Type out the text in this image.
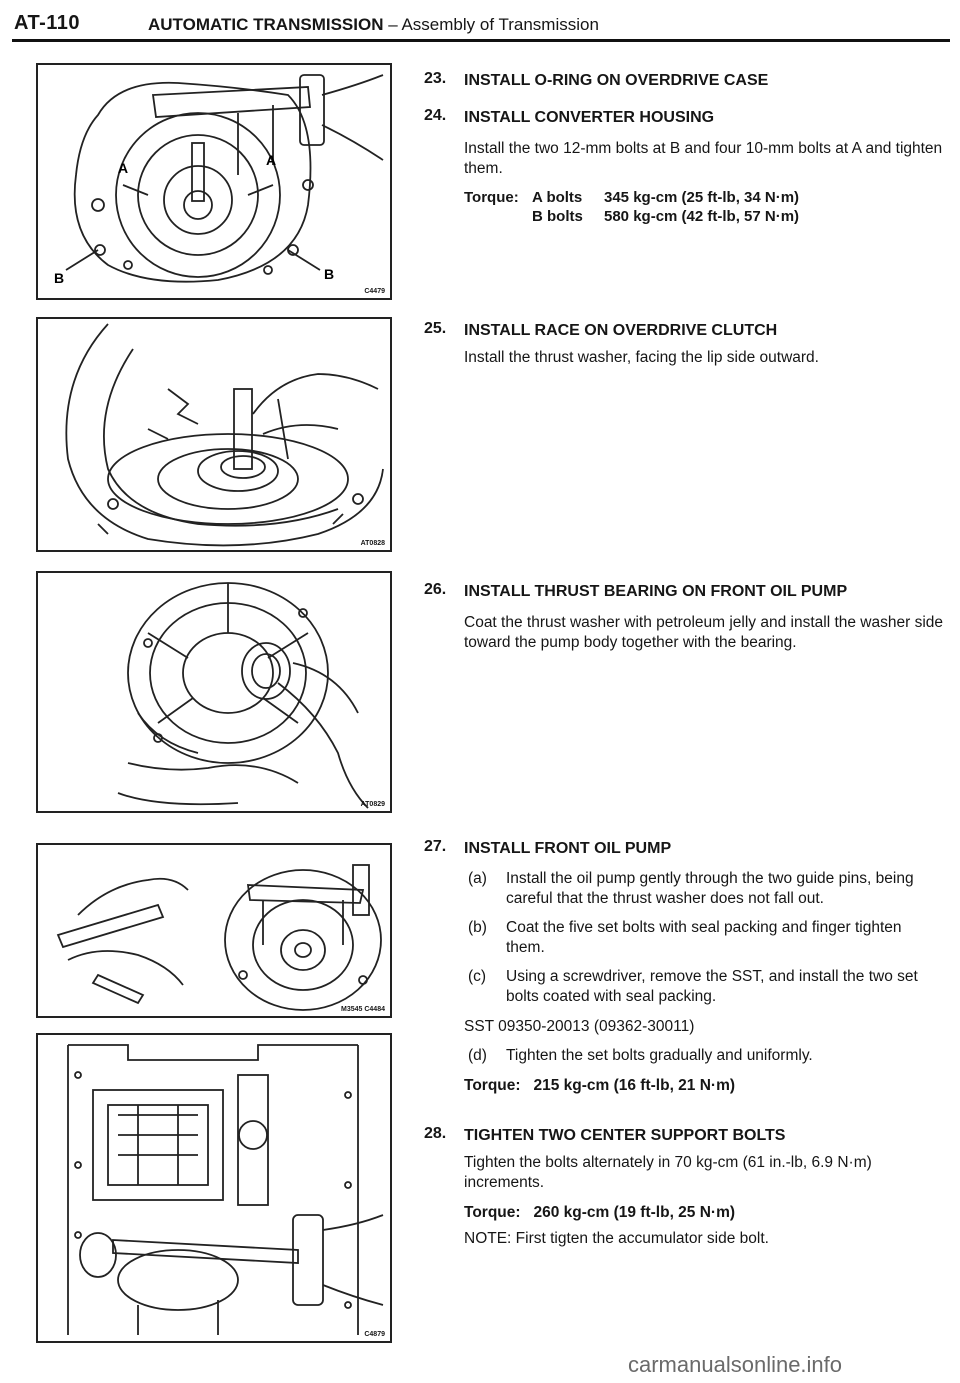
AT-110	AUTOMATIC TRANSMISSION – Assembly of Transmission
A	A
B	B
C4479
AT0828
AT0829
M3545 C4484
C4879
23. INSTALL O-RING ON OVERDRIVE CASE
24. INSTALL CONVERTER HOUSING
Install the two 12-mm bolts at B and four 10-mm bolts at A and tighten them.
Torque: A bolts	345 kg-cm (25 ft-lb, 34 N·m)
B bolts	580 kg-cm (42 ft-lb, 57 N·m)
25. INSTALL RACE ON OVERDRIVE CLUTCH
Install the thrust washer, facing the lip side outward.
26. INSTALL THRUST BEARING ON FRONT OIL PUMP
Coat the thrust washer with petroleum jelly and install the washer side toward the pump body together with the bearing.
27. INSTALL FRONT OIL PUMP
(a) Install the oil pump gently through the two guide pins, being careful that the thrust washer does not fall out.
(b) Coat the five set bolts with seal packing and finger tighten them.
(c) Using a screwdriver, remove the SST, and install the two set bolts coated with seal packing.
SST 09350-20013 (09362-30011)
(d) Tighten the set bolts gradually and uniformly.
Torque: 215 kg-cm (16 ft-lb, 21 N·m)
28. TIGHTEN TWO CENTER SUPPORT BOLTS
Tighten the bolts alternately in 70 kg-cm (61 in.-lb, 6.9 N·m) increments.
Torque: 260 kg-cm (19 ft-lb, 25 N·m)
NOTE: First tigten the accumulator side bolt.
carmanualsonline.info
